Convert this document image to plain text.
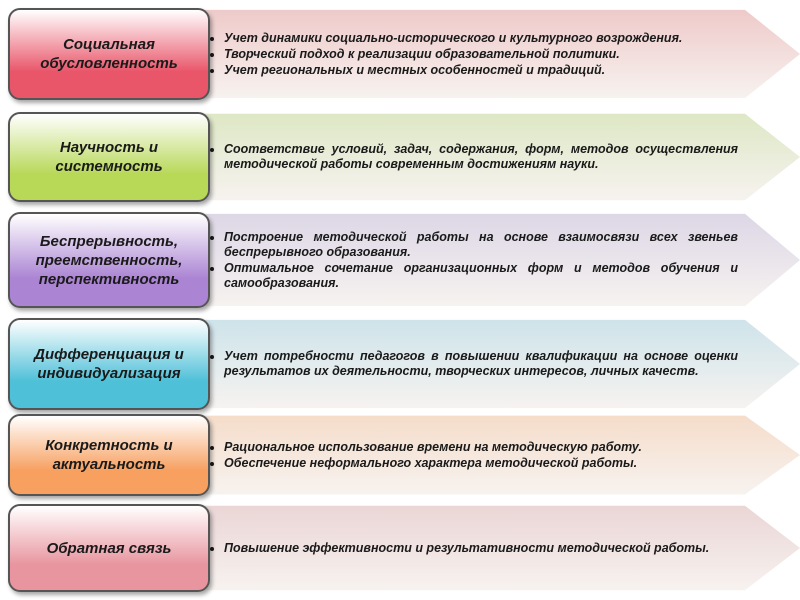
• Учет динамики социально-исторического и культурного возрождения.
• Творческий подход к реализации образовательной политики.
• Учет региональных и местных особенностей и традиций.
Социальная
обусловленность
• Соответствие условий, задач, содержания, форм, методов осуществления методической работы современным достижениям науки.
Научность и
системность
• Построение методической работы на основе взаимосвязи всех звеньев беспрерывного образования.
• Оптимальное сочетание организационных форм и методов обучения и самообразования.
Беспрерывность,
преемственность,
перспективность
• Учет потребности педагогов в повышении квалификации на основе оценки результатов их деятельности, творческих интересов, личных качеств.
Дифференциация и
индивидуализация
• Рациональное использование времени на методическую работу.
• Обеспечение неформального характера методической работы.
Конкретность и
актуальность
• Повышение эффективности и результативности методической работы.
Обратная связь
